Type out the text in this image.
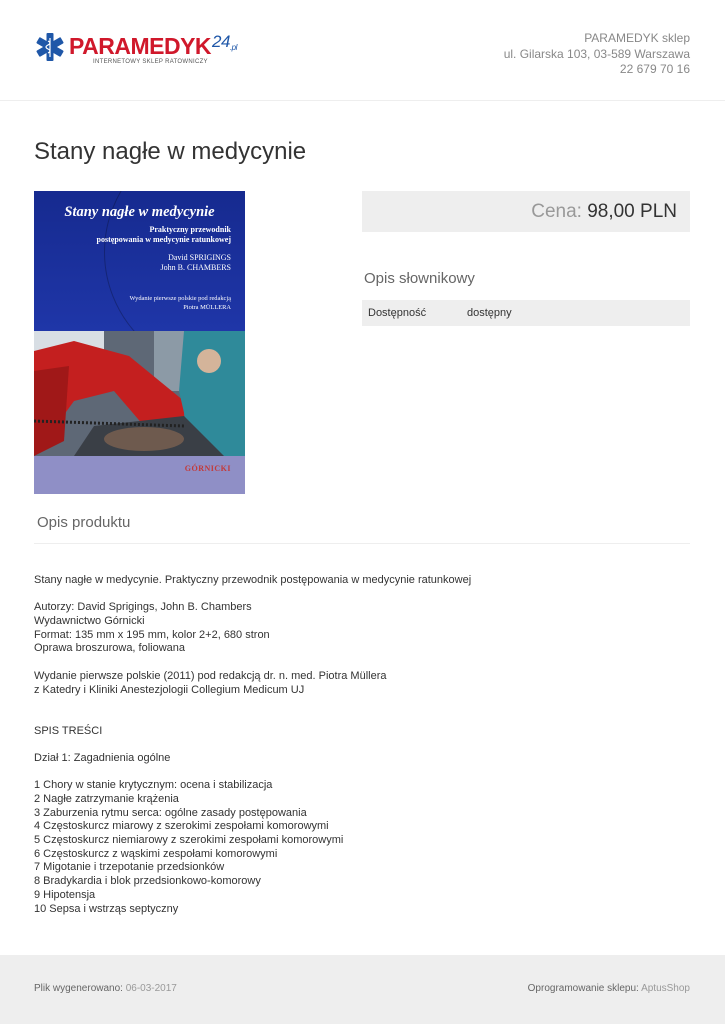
PARAMEDYK$^{24}$.pl
INTERNETOWY SKLEP RATOWNICZY
PARAMEDYK sklep
ul. Gilarska 103, 03-589 Warszawa
22 679 70 16
Stany nagłe w medycynie
Stany nagłe w medycynie
Praktyczny przewodnik
postępowania w medycynie ratunkowej
David SPRIGINGS
John B. CHAMBERS
Wydanie pierwsze polskie pod redakcją
Piotra MÜLLERA
GÓRNICKI
Cena: 98,00 PLN
Opis słownikowy
Dostępność	dostępny
Opis produktu
Stany nagłe w medycynie. Praktyczny przewodnik postępowania w medycynie ratunkowej
Autorzy: David Sprigings, John B. Chambers
Wydawnictwo Górnicki
Format: 135 mm x 195 mm, kolor 2+2, 680 stron
Oprawa broszurowa, foliowana
Wydanie pierwsze polskie (2011) pod redakcją dr. n. med. Piotra Müllera
z Katedry i Kliniki Anestezjologii Collegium Medicum UJ
SPIS TREŚCI
Dział 1: Zagadnienia ogólne
1 Chory w stanie krytycznym: ocena i stabilizacja
2 Nagłe zatrzymanie krążenia
3 Zaburzenia rytmu serca: ogólne zasady postępowania
4 Częstoskurcz miarowy z szerokimi zespołami komorowymi
5 Częstoskurcz niemiarowy z szerokimi zespołami komorowymi
6 Częstoskurcz z wąskimi zespołami komorowymi
7 Migotanie i trzepotanie przedsionków
8 Bradykardia i blok przedsionkowo-komorowy
9 Hipotensja
10 Sepsa i wstrząs septyczny
Plik wygenerowano: 06-03-2017	Oprogramowanie sklepu: AptusShop
